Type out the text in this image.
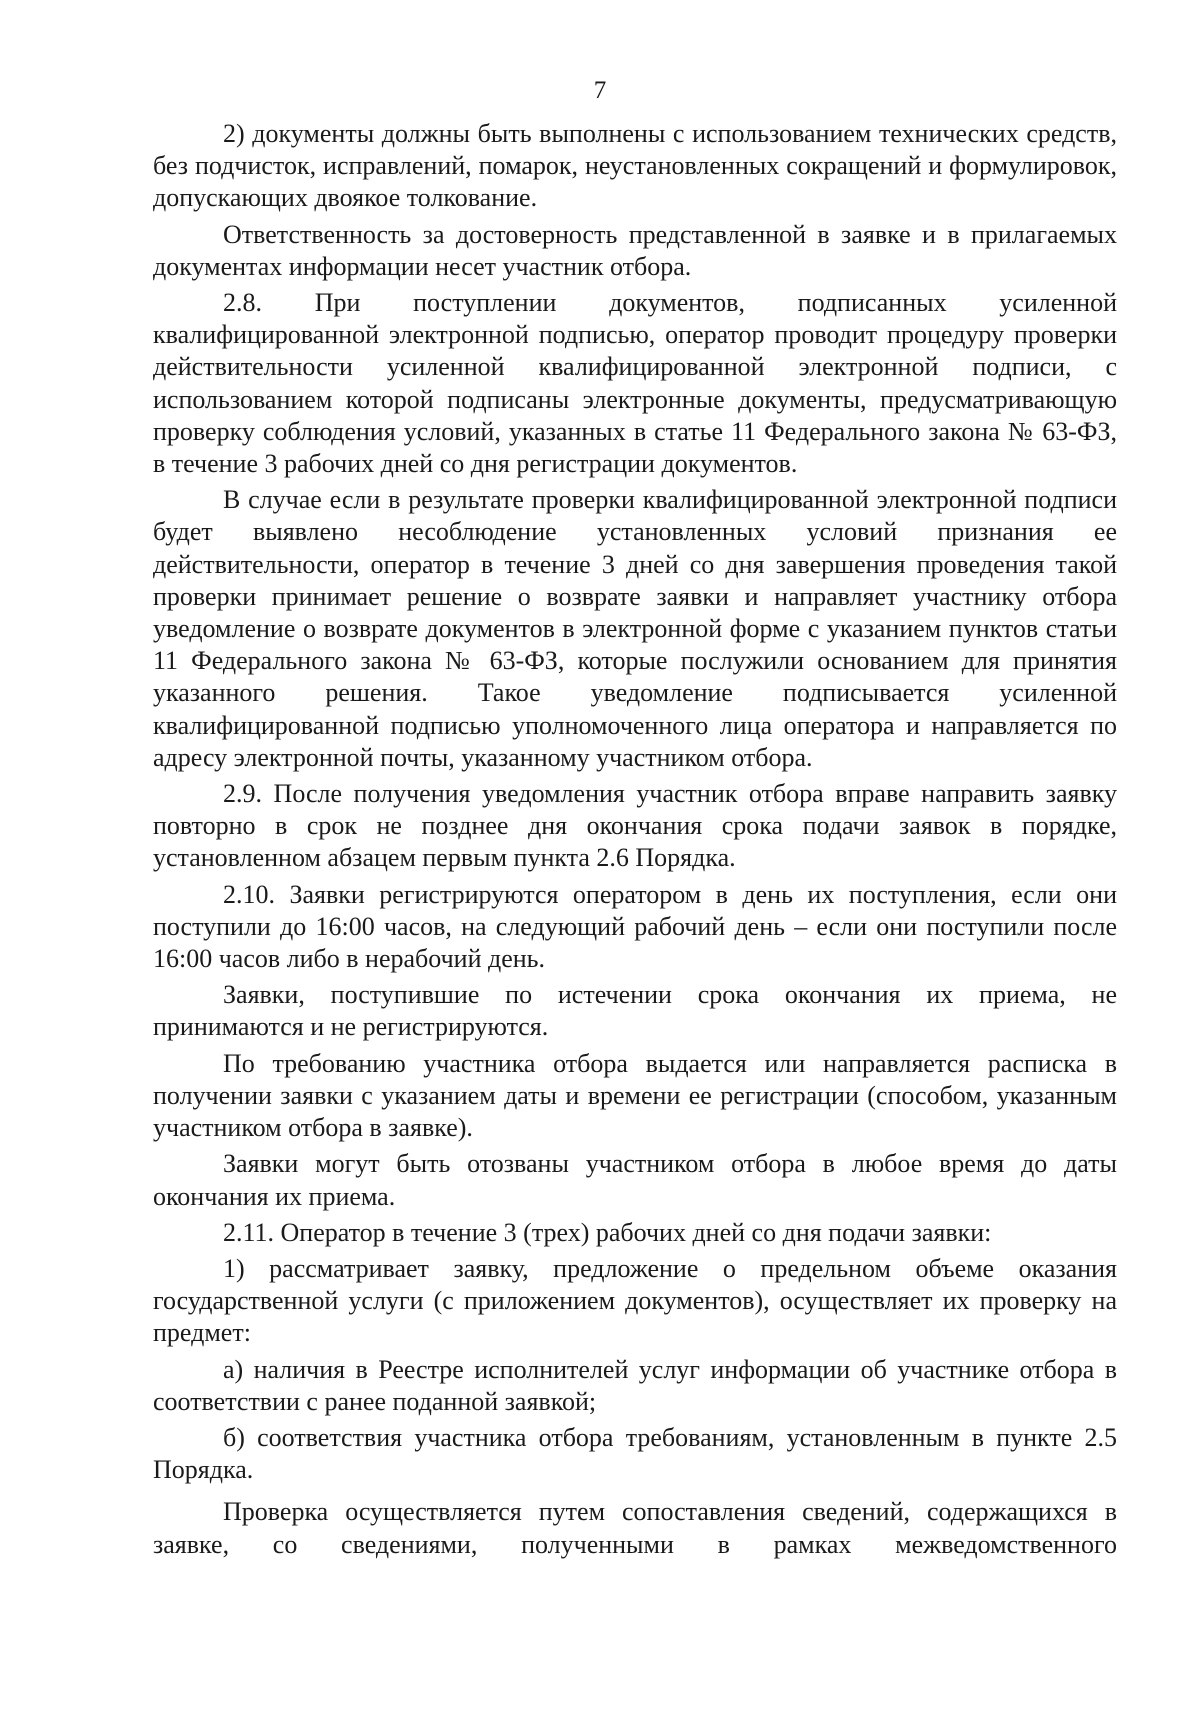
7

2) документы должны быть выполнены с использованием технических средств, без подчисток, исправлений, помарок, неустановленных сокращений и формулировок, допускающих двоякое толкование.

Ответственность за достоверность представленной в заявке и в прилагаемых документах информации несет участник отбора.

2.8. При поступлении документов, подписанных усиленной квалифицированной электронной подписью, оператор проводит процедуру проверки действительности усиленной квалифицированной электронной подписи, с использованием которой подписаны электронные документы, предусматривающую проверку соблюдения условий, указанных в статье 11 Федерального закона № 63-ФЗ, в течение 3 рабочих дней со дня регистрации документов.

В случае если в результате проверки квалифицированной электронной подписи будет выявлено несоблюдение установленных условий признания ее действительности, оператор в течение 3 дней со дня завершения проведения такой проверки принимает решение о возврате заявки и направляет участнику отбора уведомление о возврате документов в электронной форме с указанием пунктов статьи 11 Федерального закона № 63-ФЗ, которые послужили основанием для принятия указанного решения. Такое уведомление подписывается усиленной квалифицированной подписью уполномоченного лица оператора и направляется по адресу электронной почты, указанному участником отбора.

2.9. После получения уведомления участник отбора вправе направить заявку повторно в срок не позднее дня окончания срока подачи заявок в порядке, установленном абзацем первым пункта 2.6 Порядка.

2.10. Заявки регистрируются оператором в день их поступления, если они поступили до 16:00 часов, на следующий рабочий день – если они поступили после 16:00 часов либо в нерабочий день.

Заявки, поступившие по истечении срока окончания их приема, не принимаются и не регистрируются.

По требованию участника отбора выдается или направляется расписка в получении заявки с указанием даты и времени ее регистрации (способом, указанным участником отбора в заявке).

Заявки могут быть отозваны участником отбора в любое время до даты окончания их приема.

2.11. Оператор в течение 3 (трех) рабочих дней со дня подачи заявки:

1) рассматривает заявку, предложение о предельном объеме оказания государственной услуги (с приложением документов), осуществляет их проверку на предмет:

а) наличия в Реестре исполнителей услуг информации об участнике отбора в соответствии с ранее поданной заявкой;

б) соответствия участника отбора требованиям, установленным в пункте 2.5 Порядка.

Проверка осуществляется путем сопоставления сведений, содержащихся в заявке, со сведениями, полученными в рамках межведомственного
